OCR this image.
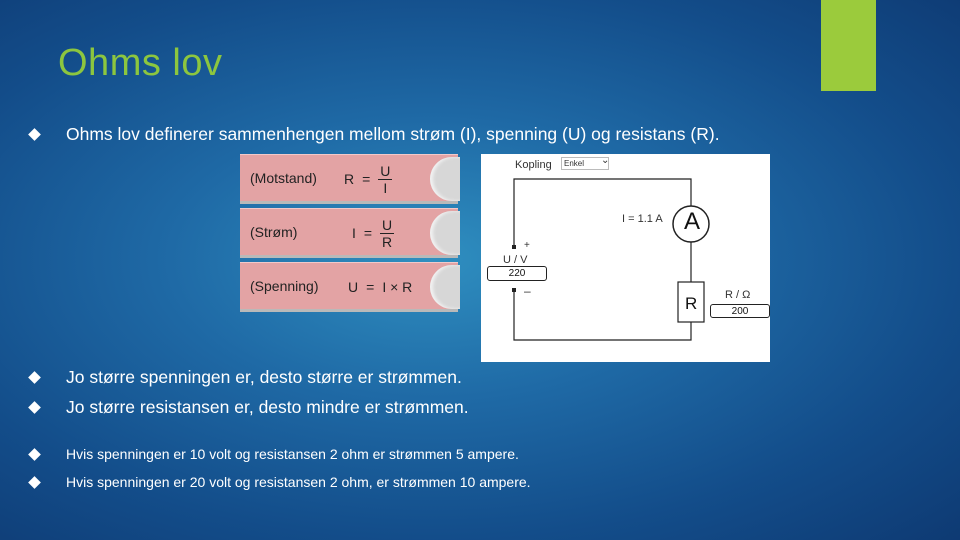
Ohms lov
Ohms lov definerer sammenhengen mellom strøm (I), spenning (U) og resistans (R).
(Motstand) $R = \frac{U}{I}$
(Strøm)	$I = \frac{U}{R}$
(Spenning) U = I × R
Kopling	Enkel	⌄
I = 1.1 A A
R	R / Ω
200
+
U / V
220
–
Jo større spenningen er, desto større er strømmen.
Jo større resistansen er, desto mindre er strømmen.
Hvis spenningen er 10 volt og resistansen 2 ohm er strømmen 5 ampere.
Hvis spenningen er 20 volt og resistansen 2 ohm, er strømmen 10 ampere.
